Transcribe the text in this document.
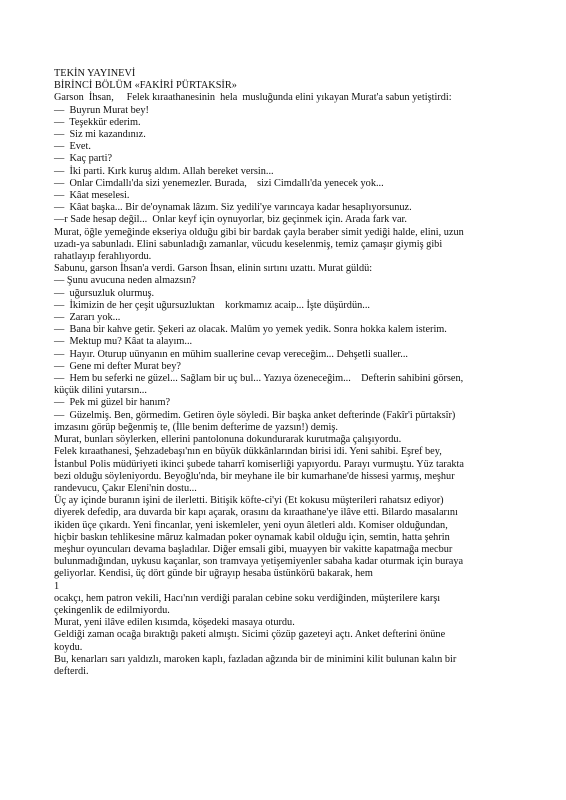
TEKİN YAYINEVİ
BİRİNCİ BÖLÜM «FAKİRİ PÜRTAKSİR»
Garson  İhsan,     Felek kıraathanesinin  hela  musluğunda elini yıkayan Murat'a sabun yetiştirdi:
—  Buyrun Murat bey!
—  Teşekkür ederim.
—  Siz mi kazandınız.
—  Evet.
—  Kaç parti?
—  İki parti. Kırk kuruş aldım. Allah bereket versin...
—  Onlar Cimdallı'da sizi yenemezler. Burada,    sizi Cimdallı'da yenecek yok...
—  Kâat meselesi.
—  Kâat başka... Bir de'oynamak lâzım. Siz yedili'ye varıncaya kadar hesaplıyorsunuz.
—r Sade hesap değil...  Onlar keyf için oynuyorlar, biz geçinmek için. Arada fark var.
Murat, öğle yemeğinde ekseriya olduğu gibi bir bardak çayla beraber simit yediği halde, elini, uzun
uzadı-ya sabunladı. Elini sabunladığı zamanlar, vücudu keselenmiş, temiz çamaşır giymiş gibi
rahatlayıp ferahlıyordu.
Sabunu, garson İhsan'a verdi. Garson İhsan, elinin sırtını uzattı. Murat güldü:
— Şunu avucuna neden almazsın?
—  uğursuzluk olurmuş.
—  İkimizin de her çeşit uğursuzluktan    korkmamız acaip... İşte düşürdün...
—  Zararı yok...
—  Bana bir kahve getir. Şekeri az olacak. Malûm yo yemek yedik. Sonra hokka kalem isterim.
—  Mektup mu? Kâat ta alayım...
—  Hayır. Oturup uünyanın en mühim suallerine cevap vereceğim... Dehşetli sualler...
—  Gene mi defter Murat bey?
—  Hem bu seferki ne güzel... Sağlam bir uç bul... Yazıya özeneceğim...    Defterin sahibini görsen,
küçük dilini yutarsın...
—  Pek mi güzel bir hanım?
—  Güzelmiş. Ben, görmedim. Getiren öyle söyledi. Bir başka anket defterinde (Fakîr'i pürtaksîr)
imzasını görüp beğenmiş te, (İlle benim defterime de yazsın!) demiş.
Murat, bunları söylerken, ellerini pantolonuna dokundurarak kurutmağa çalışıyordu.
Felek kıraathanesi, Şehzadebaşı'nın en büyük dükkânlarından birisi idi. Yeni sahibi. Eşref bey,
İstanbul Polis müdüriyeti ikinci şubede taharrî komiserliği yapıyordu. Parayı vurmuştu. Yüz tarakta
bezi olduğu söyleniyordu. Beyoğlu'nda, bir meyhane ile bir kumarhane'de hissesi yarmış, meşhur
randevucu, Çakır Eleni'nin dostu...
Üç ay içinde buranın işini de ilerletti. Bitişik köfte-ci'yi (Et kokusu müşterileri rahatsız ediyor)
diyerek defedip, ara duvarda bir kapı açarak, orasını da kıraathane'ye ilâve etti. Bilardo masalarını
ikiden üçe çıkardı. Yeni fincanlar, yeni iskemleler, yeni oyun âletleri aldı. Komiser olduğundan,
hiçbir baskın tehlikesine mâruz kalmadan poker oynamak kabil olduğu için, semtin, hatta şehrin
meşhur oyuncuları devama başladılar. Diğer emsali gibi, muayyen bir vakitte kapatmağa mecbur
bulunmadığından, uykusu kaçanlar, son tramvaya yetişemiyenler sabaha kadar oturmak için buraya
geliyorlar. Kendisi, üç dört günde bir uğrayıp hesaba üstünkörü bakarak, hem
1
ocakçı, hem patron vekili, Hacı'nın verdiği paralan cebine soku verdiğinden, müşterilere karşı
çekingenlik de edilmiyordu.
Murat, yeni ilâve edilen kısımda, köşedeki masaya oturdu.
Geldiği zaman ocağa bıraktığı paketi almıştı. Sicimi çözüp gazeteyi açtı. Anket defterini önüne
koydu.
Bu, kenarları sarı yaldızlı, maroken kaplı, fazladan ağzında bir de minimini kilit bulunan kalın bir
defterdi.
